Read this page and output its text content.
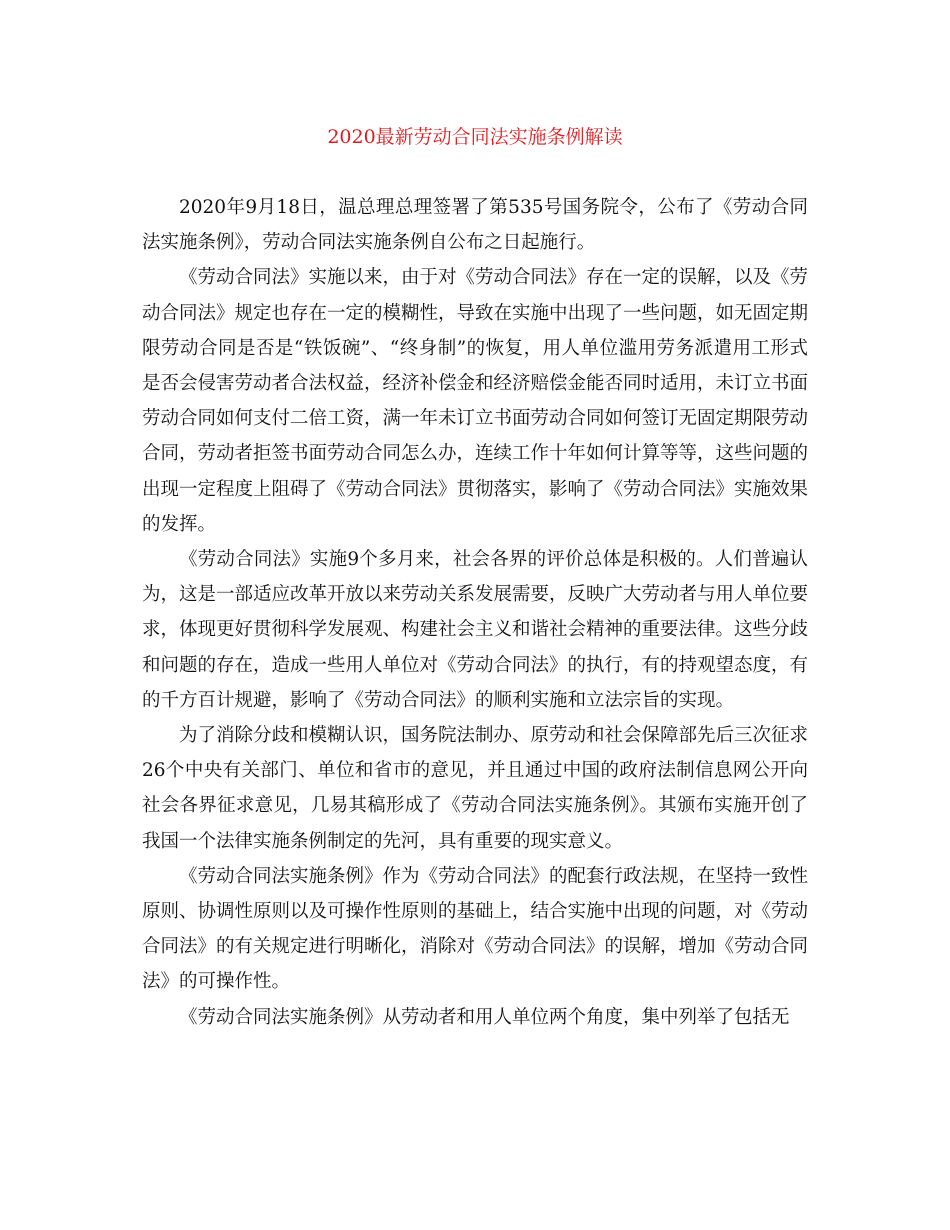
2020最新劳动合同法实施条例解读

2020年9月18日，温总理总理签署了第535号国务院令，公布了《劳动合同法实施条例》，劳动合同法实施条例自公布之日起施行。

《劳动合同法》实施以来，由于对《劳动合同法》存在一定的误解，以及《劳动合同法》规定也存在一定的模糊性，导致在实施中出现了一些问题，如无固定期限劳动合同是否是“铁饭碗”、“终身制”的恢复，用人单位滥用劳务派遣用工形式是否会侵害劳动者合法权益，经济补偿金和经济赔偿金能否同时适用，未订立书面劳动合同如何支付二倍工资，满一年未订立书面劳动合同如何签订无固定期限劳动合同，劳动者拒签书面劳动合同怎么办，连续工作十年如何计算等等，这些问题的出现一定程度上阻碍了《劳动合同法》贯彻落实，影响了《劳动合同法》实施效果的发挥。

《劳动合同法》实施9个多月来，社会各界的评价总体是积极的。人们普遍认为，这是一部适应改革开放以来劳动关系发展需要，反映广大劳动者与用人单位要求，体现更好贯彻科学发展观、构建社会主义和谐社会精神的重要法律。这些分歧和问题的存在，造成一些用人单位对《劳动合同法》的执行，有的持观望态度，有的千方百计规避，影响了《劳动合同法》的顺利实施和立法宗旨的实现。

为了消除分歧和模糊认识，国务院法制办、原劳动和社会保障部先后三次征求26个中央有关部门、单位和省市的意见，并且通过中国的政府法制信息网公开向社会各界征求意见，几易其稿形成了《劳动合同法实施条例》。其颁布实施开创了我国一个法律实施条例制定的先河，具有重要的现实意义。

《劳动合同法实施条例》作为《劳动合同法》的配套行政法规，在坚持一致性原则、协调性原则以及可操作性原则的基础上，结合实施中出现的问题，对《劳动合同法》的有关规定进行明晰化，消除对《劳动合同法》的误解，增加《劳动合同法》的可操作性。

《劳动合同法实施条例》从劳动者和用人单位两个角度，集中列举了包括无
